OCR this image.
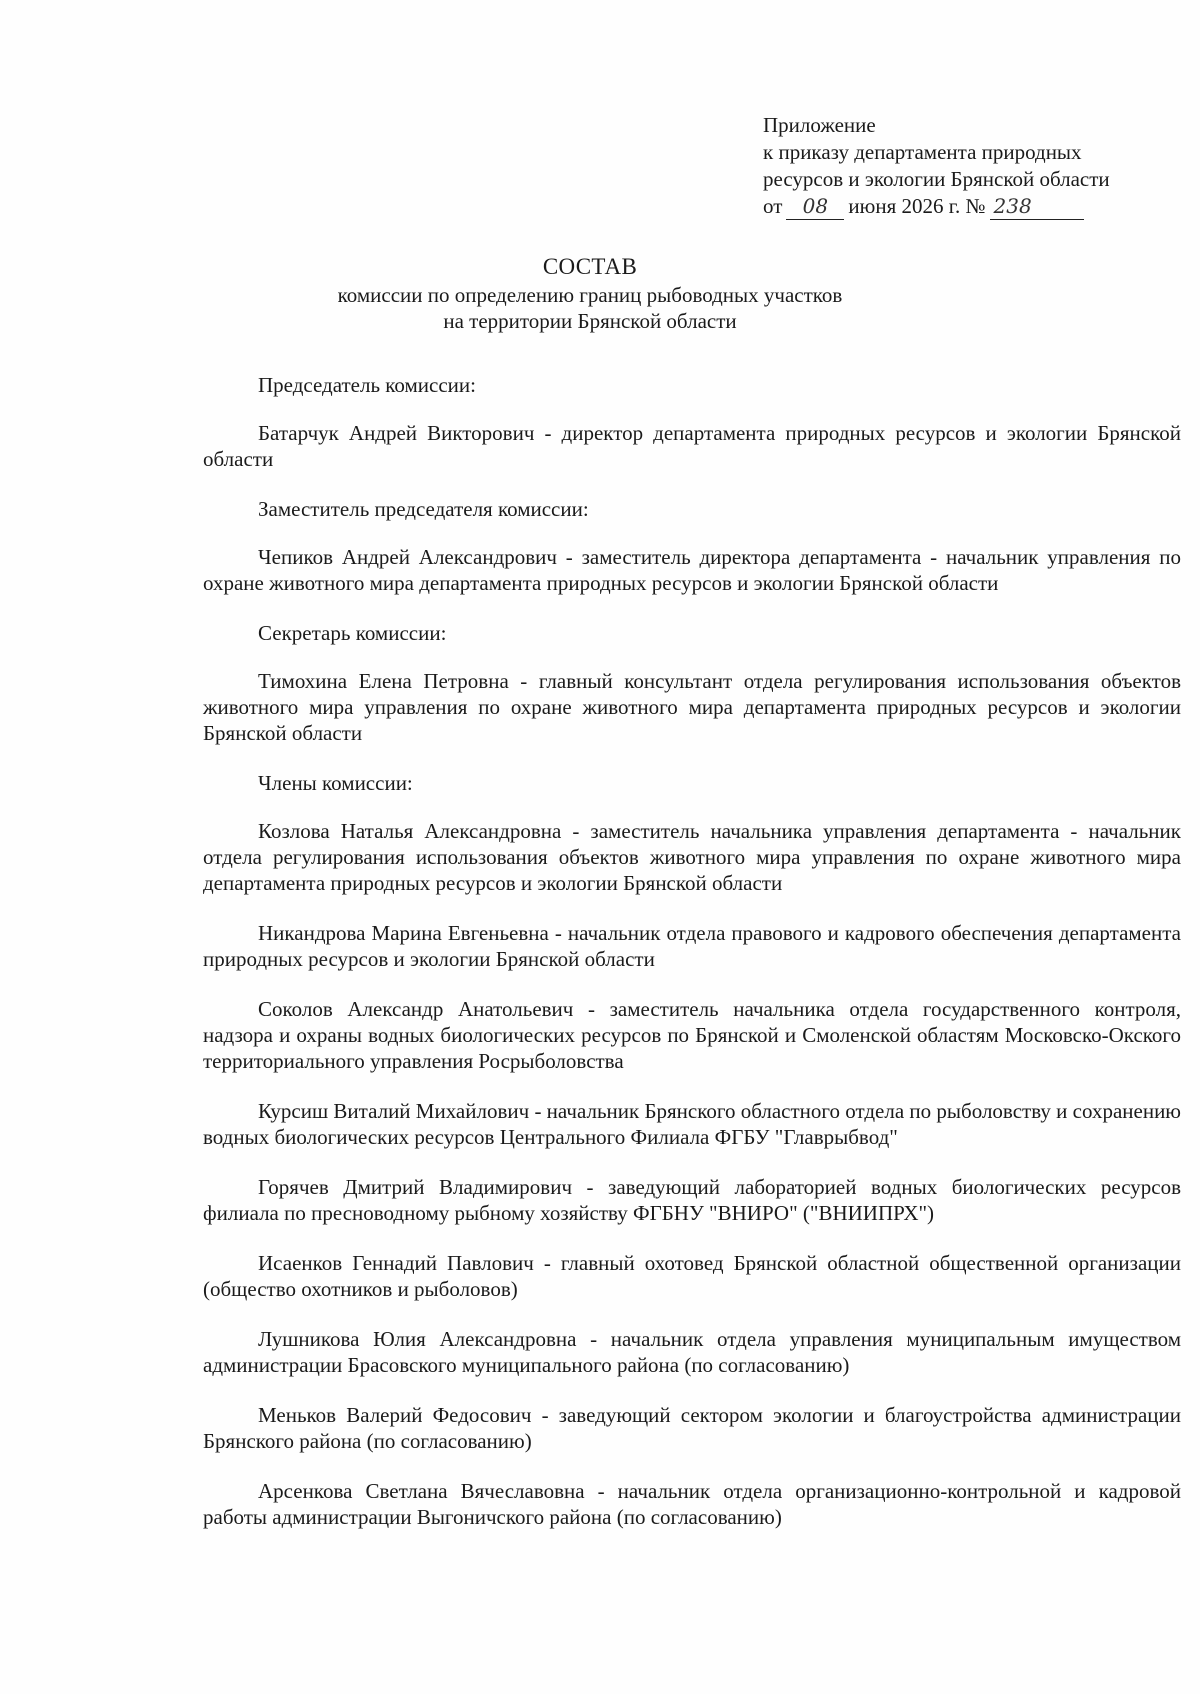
Приложение
к приказу департамента природных
ресурсов и экологии Брянской области
от	08 июня 2026 г. № 238
СОСТАВ
комиссии по определению границ рыбоводных участков
на территории Брянской области

Председатель комиссии:

Батарчук Андрей Викторович - директор департамента природных ресурсов и экологии Брянской области

Заместитель председателя комиссии:

Чепиков Андрей Александрович - заместитель директора департамента - начальник управления по охране животного мира департамента природных ресурсов и экологии Брянской области

Секретарь комиссии:

Тимохина Елена Петровна - главный консультант отдела регулирования использования объектов животного мира управления по охране животного мира департамента природных ресурсов и экологии Брянской области

Члены комиссии:

Козлова Наталья Александровна - заместитель начальника управления департамента - начальник отдела регулирования использования объектов животного мира управления по охране животного мира департамента природных ресурсов и экологии Брянской области

Никандрова Марина Евгеньевна - начальник отдела правового и кадрового обеспечения департамента природных ресурсов и экологии Брянской области

Соколов Александр Анатольевич - заместитель начальника отдела государственного контроля, надзора и охраны водных биологических ресурсов по Брянской и Смоленской областям Московско-Окского территориального управления Росрыболовства

Курсиш Виталий Михайлович - начальник Брянского областного отдела по рыболовству и сохранению водных биологических ресурсов Центрального Филиала ФГБУ "Главрыбвод"

Горячев Дмитрий Владимирович - заведующий лабораторией водных биологических ресурсов филиала по пресноводному рыбному хозяйству ФГБНУ "ВНИРО" ("ВНИИПРХ")

Исаенков Геннадий Павлович - главный охотовед Брянской областной общественной организации (общество охотников и рыболовов)

Лушникова Юлия Александровна - начальник отдела управления муниципальным имуществом администрации Брасовского муниципального района (по согласованию)

Меньков Валерий Федосович - заведующий сектором экологии и благоустройства администрации Брянского района (по согласованию)

Арсенкова Светлана Вячеславовна - начальник отдела организационно-контрольной и кадровой работы администрации Выгоничского района (по согласованию)
